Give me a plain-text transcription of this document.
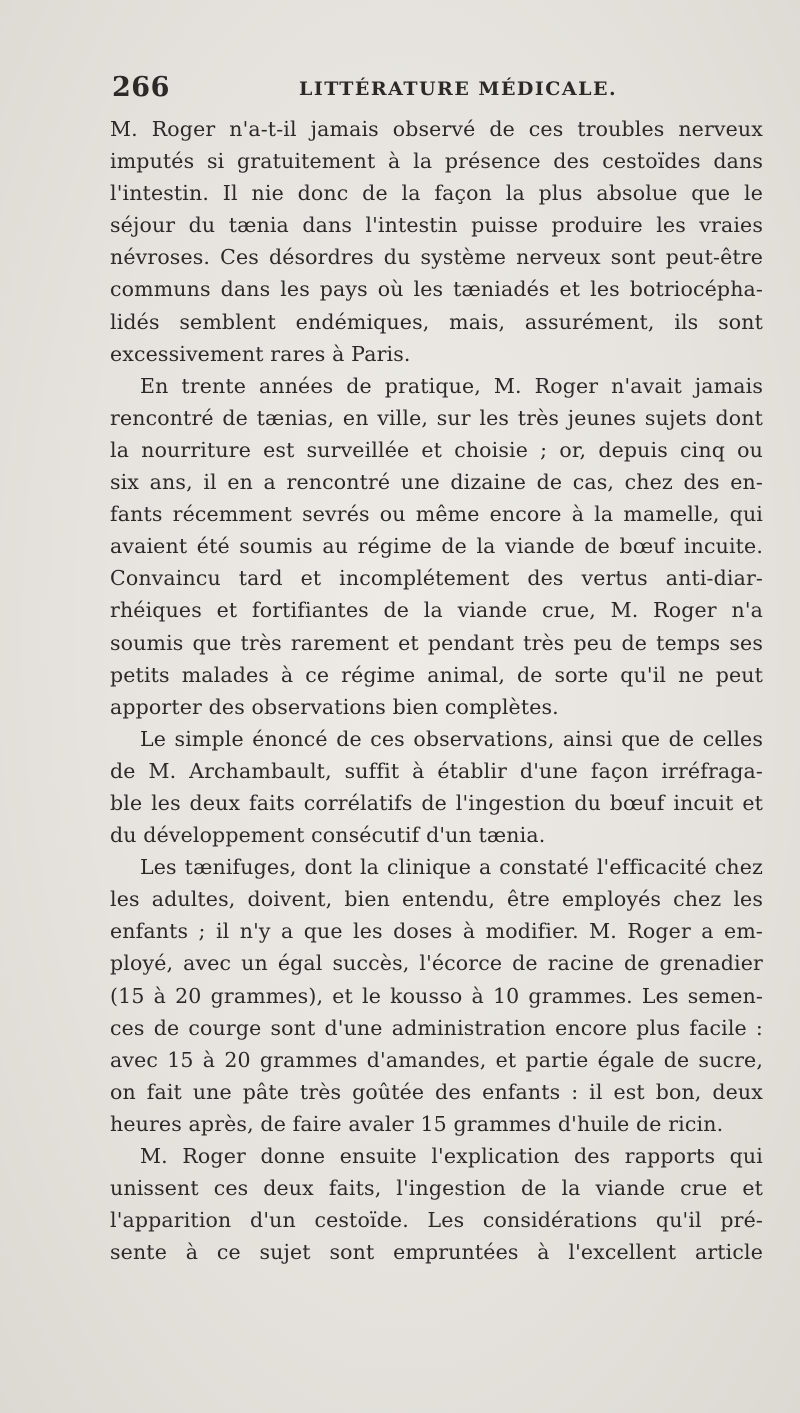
266	LITTÉRATURE MÉDICALE.
M. Roger n'a-t-il jamais observé de ces troubles nerveux
imputés si gratuitement à la présence des cestoïdes dans
l'intestin. Il nie donc de la façon la plus absolue que le
séjour du tænia dans l'intestin puisse produire les vraies
névroses. Ces désordres du système nerveux sont peut-être
communs dans les pays où les tæniadés et les botriocépha-
lidés semblent endémiques, mais, assurément, ils sont
excessivement rares à Paris.
En trente années de pratique, M. Roger n'avait jamais
rencontré de tænias, en ville, sur les très jeunes sujets dont
la nourriture est surveillée et choisie ; or, depuis cinq ou
six ans, il en a rencontré une dizaine de cas, chez des en-
fants récemment sevrés ou même encore à la mamelle, qui
avaient été soumis au régime de la viande de bœuf incuite.
Convaincu tard et incomplétement des vertus anti-diar-
rhéiques et fortifiantes de la viande crue, M. Roger n'a
soumis que très rarement et pendant très peu de temps ses
petits malades à ce régime animal, de sorte qu'il ne peut
apporter des observations bien complètes.
Le simple énoncé de ces observations, ainsi que de celles
de M. Archambault, suffit à établir d'une façon irréfraga-
ble les deux faits corrélatifs de l'ingestion du bœuf incuit et
du développement consécutif d'un tænia.
Les tænifuges, dont la clinique a constaté l'efficacité chez
les adultes, doivent, bien entendu, être employés chez les
enfants ; il n'y a que les doses à modifier. M. Roger a em-
ployé, avec un égal succès, l'écorce de racine de grenadier
(15 à 20 grammes), et le kousso à 10 grammes. Les semen-
ces de courge sont d'une administration encore plus facile :
avec 15 à 20 grammes d'amandes, et partie égale de sucre,
on fait une pâte très goûtée des enfants : il est bon, deux
heures après, de faire avaler 15 grammes d'huile de ricin.
M. Roger donne ensuite l'explication des rapports qui
unissent ces deux faits, l'ingestion de la viande crue et
l'apparition d'un cestoïde. Les considérations qu'il pré-
sente à ce sujet sont empruntées à l'excellent article
